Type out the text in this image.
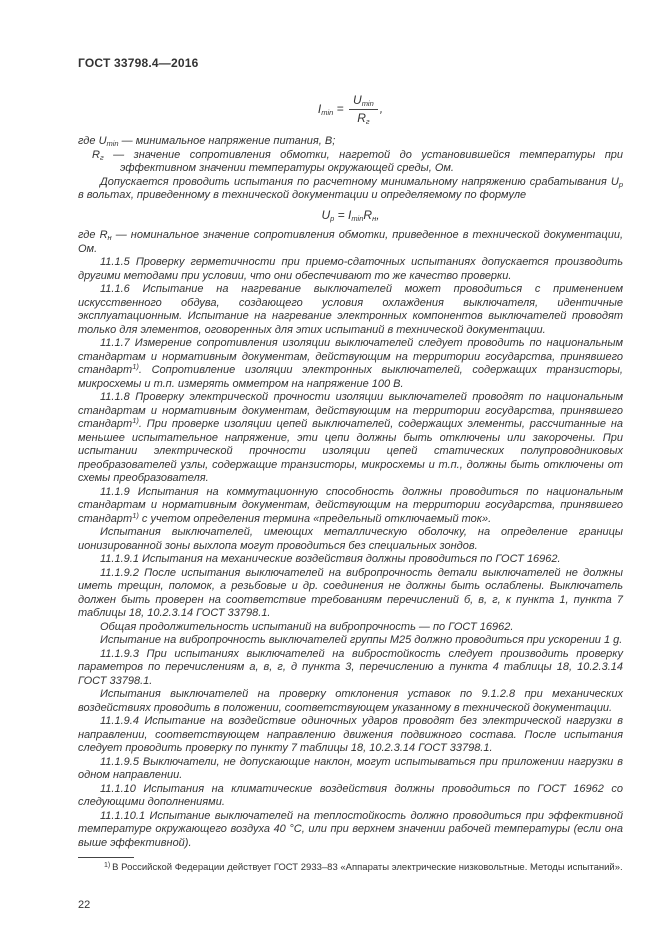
ГОСТ 33798.4—2016

$I_{min} = \frac{U_{min}}{R_г}$ ,

где $U_{min}$ — минимальное напряжение питания, В;

$R_г$ — значение сопротивления обмотки, нагретой до установившейся температуры при эффективном значении температуры окружающей среды, Ом.

Допускается проводить испытания по расчетному минимальному напряжению срабатывания $U_р$ в вольтах, приведенному в технической документации и определяемому по формуле

$U_р = I_{min}R_н$,

где $R_н$ — номинальное значение сопротивления обмотки, приведенное в технической документации, Ом.

11.1.5 Проверку герметичности при приемо-сдаточных испытаниях допускается производить другими методами при условии, что они обеспечивают то же качество проверки.

11.1.6 Испытание на нагревание выключателей может проводиться с применением искусственного обдува, создающего условия охлаждения выключателя, идентичные эксплуатационным. Испытание на нагревание электронных компонентов выключателей проводят только для элементов, оговоренных для этих испытаний в технической документации.

11.1.7 Измерение сопротивления изоляции выключателей следует проводить по национальным стандартам и нормативным документам, действующим на территории государства, принявшего стандарт$^{1)}$. Сопротивление изоляции электронных выключателей, содержащих транзисторы, микросхемы и т.п. измерять омметром на напряжение 100 В.

11.1.8 Проверку электрической прочности изоляции выключателей проводят по национальным стандартам и нормативным документам, действующим на территории государства, принявшего стандарт$^{1)}$. При проверке изоляции цепей выключателей, содержащих элементы, рассчитанные на меньшее испытательное напряжение, эти цепи должны быть отключены или закорочены. При испытании электрической прочности изоляции цепей статических полупроводниковых преобразователей узлы, содержащие транзисторы, микросхемы и т.п., должны быть отключены от схемы преобразователя.

11.1.9 Испытания на коммутационную способность должны проводиться по национальным стандартам и нормативным документам, действующим на территории государства, принявшего стандарт$^{1)}$ с учетом определения термина «предельный отключаемый ток».

Испытания выключателей, имеющих металлическую оболочку, на определение границы ионизированной зоны выхлопа могут проводиться без специальных зондов.

11.1.9.1 Испытания на механические воздействия должны проводиться по ГОСТ 16962.

11.1.9.2 После испытания выключателей на вибропрочность детали выключателей не должны иметь трещин, поломок, а резьбовые и др. соединения не должны быть ослаблены. Выключатель должен быть проверен на соответствие требованиям перечислений б, в, г, к пункта 1, пункта 7 таблицы 18, 10.2.3.14 ГОСТ 33798.1.

Общая продолжительность испытаний на вибропрочность — по ГОСТ 16962.

Испытание на вибропрочность выключателей группы М25 должно проводиться при ускорении 1 g.

11.1.9.3 При испытаниях выключателей на вибростойкость следует производить проверку параметров по перечислениям а, в, г, д пункта 3, перечислению а пункта 4 таблицы 18, 10.2.3.14 ГОСТ 33798.1.

Испытания выключателей на проверку отклонения уставок по 9.1.2.8 при механических воздействиях проводить в положении, соответствующем указанному в технической документации.

11.1.9.4 Испытание на воздействие одиночных ударов проводят без электрической нагрузки в направлении, соответствующем направлению движения подвижного состава. После испытания следует проводить проверку по пункту 7 таблицы 18, 10.2.3.14 ГОСТ 33798.1.

11.1.9.5 Выключатели, не допускающие наклон, могут испытываться при приложении нагрузки в одном направлении.

11.1.10 Испытания на климатические воздействия должны проводиться по ГОСТ 16962 со следующими дополнениями.

11.1.10.1 Испытание выключателей на теплостойкость должно проводиться при эффективной температуре окружающего воздуха 40 °С, или при верхнем значении рабочей температуры (если она выше эффективной).

$^{1)}$ В Российской Федерации действует ГОСТ 2933–83 «Аппараты электрические низковольтные. Методы испытаний».

22
